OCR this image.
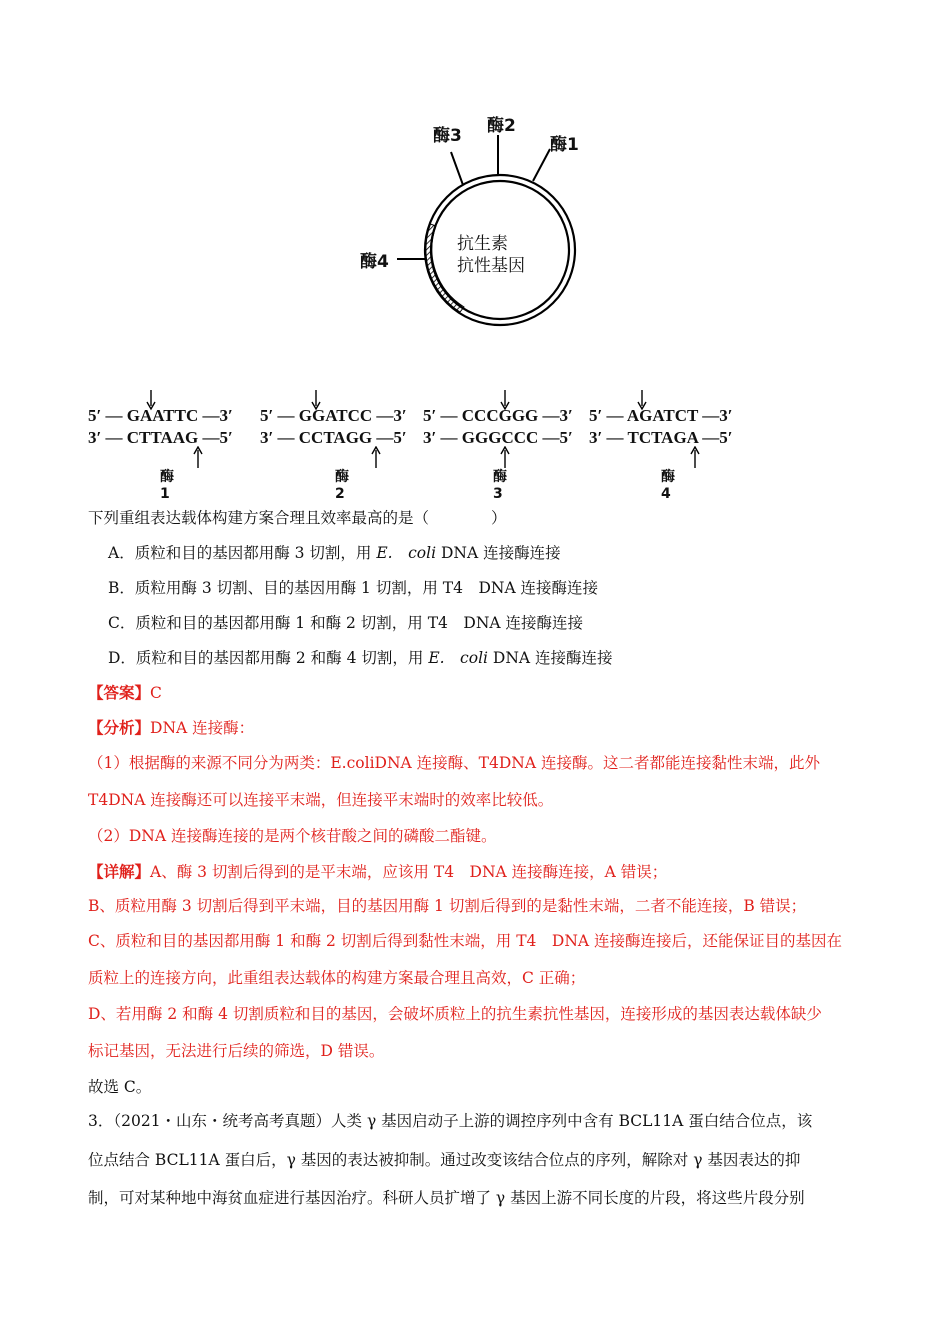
酶3 酶2
酶1
酶4
抗生素
抗性基因
5′ — GAATTC —3′
3′ — CTTAAG —5′
酶1
5′ — GGATCC —3′
3′ — CCTAGG —5′
酶2
5′ — CCCGGG —3′
3′ — GGGCCC —5′
酶3
5′ — AGATCT —3′
3′ — TCTAGA —5′
酶4
下列重组表达载体构建方案合理且效率最高的是（　　　　）
A．质粒和目的基因都用酶 3 切割，用 E.　coli DNA 连接酶连接
B．质粒用酶 3 切割、目的基因用酶 1 切割，用 T4　DNA 连接酶连接
C．质粒和目的基因都用酶 1 和酶 2 切割，用 T4　DNA 连接酶连接
D．质粒和目的基因都用酶 2 和酶 4 切割，用 E.　coli DNA 连接酶连接
【答案】C
【分析】DNA 连接酶：
（1）根据酶的来源不同分为两类：E.coliDNA 连接酶、T4DNA 连接酶。这二者都能连接黏性末端，此外
T4DNA 连接酶还可以连接平末端，但连接平末端时的效率比较低。
（2）DNA 连接酶连接的是两个核苷酸之间的磷酸二酯键。
【详解】A、酶 3 切割后得到的是平末端，应该用 T4　DNA 连接酶连接，A 错误；
B、质粒用酶 3 切割后得到平末端，目的基因用酶 1 切割后得到的是黏性末端，二者不能连接，B 错误；
C、质粒和目的基因都用酶 1 和酶 2 切割后得到黏性末端，用 T4　DNA 连接酶连接后，还能保证目的基因在
质粒上的连接方向，此重组表达载体的构建方案最合理且高效，C 正确；
D、若用酶 2 和酶 4 切割质粒和目的基因，会破坏质粒上的抗生素抗性基因，连接形成的基因表达载体缺少
标记基因，无法进行后续的筛选，D 错误。
故选 C。
3．（2021・山东・统考高考真题）人类 γ 基因启动子上游的调控序列中含有 BCL11A 蛋白结合位点，该
位点结合 BCL11A 蛋白后，γ 基因的表达被抑制。通过改变该结合位点的序列，解除对 γ 基因表达的抑
制，可对某种地中海贫血症进行基因治疗。科研人员扩增了 γ 基因上游不同长度的片段，将这些片段分别
